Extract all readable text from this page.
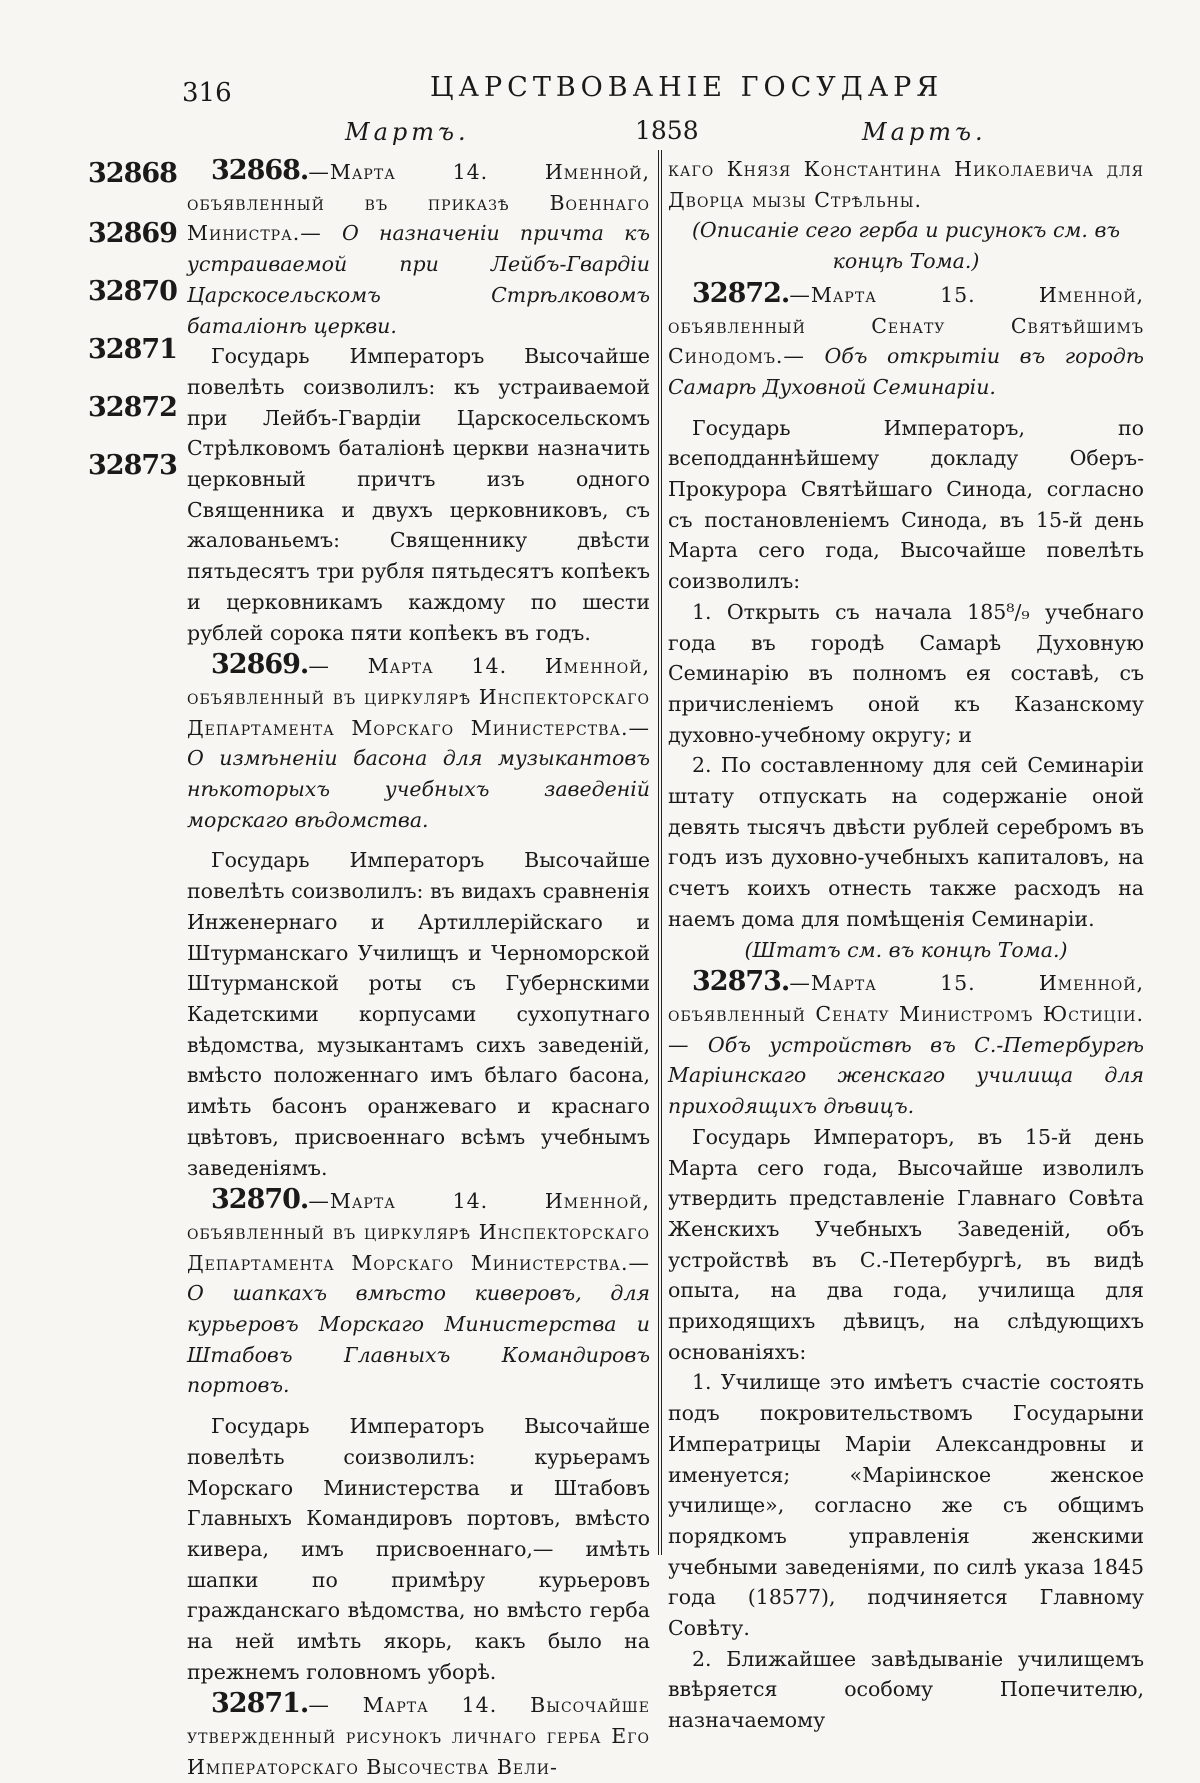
316	ЦАРСТВОВАНІЕ ГОСУДАРЯ
Мартъ.	1858	Мартъ.
32868
32869
32870
32871
32872
32873

32868.—Марта 14. Именной, объявленный въ приказѣ Военнаго Министра.— О назначеніи причта къ устраиваемой при Лейбъ-Гвардіи Царскосельскомъ Стрѣлковомъ баталіонѣ церкви.

Государь Императоръ Высочайше повелѣть соизволилъ: къ устраиваемой при Лейбъ-Гвардіи Царскосельскомъ Стрѣлковомъ баталіонѣ церкви назначить церковный причтъ изъ одного Священника и двухъ церковниковъ, съ жалованьемъ: Священнику двѣсти пятьдесятъ три рубля пятьдесятъ копѣекъ и церковникамъ каждому по шести рублей сорока пяти копѣекъ въ годъ.

32869.— Марта 14. Именной, объявленный въ циркулярѣ Инспекторскаго Департамента Морскаго Министерства.— О измѣненіи басона для музыкантовъ нѣкоторыхъ учебныхъ заведеній морскаго вѣдомства.

Государь Императоръ Высочайше повелѣть соизволилъ: въ видахъ сравненія Инженернаго и Артиллерійскаго и Штурманскаго Училищъ и Черноморской Штурманской роты съ Губернскими Кадетскими корпусами сухопутнаго вѣдомства, музыкантамъ сихъ заведеній, вмѣсто положеннаго имъ бѣлаго басона, имѣть басонъ оранжеваго и краснаго цвѣтовъ, присвоеннаго всѣмъ учебнымъ заведеніямъ.

32870.—Марта 14. Именной, объявленный въ циркулярѣ Инспекторскаго Департамента Морскаго Министерства.— О шапкахъ вмѣсто киверовъ, для курьеровъ Морскаго Министерства и Штабовъ Главныхъ Командировъ портовъ.

Государь Императоръ Высочайше повелѣть соизволилъ: курьерамъ Морскаго Министерства и Штабовъ Главныхъ Командировъ портовъ, вмѣсто кивера, имъ присвоеннаго,— имѣть шапки по примѣру курьеровъ гражданскаго вѣдомства, но вмѣсто герба на ней имѣть якорь, какъ было на прежнемъ головномъ уборѣ.

32871.— Марта 14. Высочайше утвержденный рисунокъ личнаго герба Его Императорскаго Высочества Вели-

каго Князя Константина Николаевича для Дворца мызы Стрѣльны.

(Описаніе сего герба и рисунокъ см. въ концѣ Тома.)

32872.—Марта 15. Именной, объявленный Сенату Святѣйшимъ Синодомъ.— Объ открытіи въ городѣ Самарѣ Духовной Семинаріи.

Государь Императоръ, по всеподданнѣйшему докладу Оберъ-Прокурора Святѣйшаго Синода, согласно съ постановленіемъ Синода, въ 15-й день Марта сего года, Высочайше повелѣть соизволилъ:

1. Открыть съ начала 185⁸/₉ учебнаго года въ городѣ Самарѣ Духовную Семинарію въ полномъ ея составѣ, съ причисленіемъ оной къ Казанскому духовно-учебному округу; и

2. По составленному для сей Семинаріи штату отпускать на содержаніе оной девять тысячъ двѣсти рублей серебромъ въ годъ изъ духовно-учебныхъ капиталовъ, на счетъ коихъ отнесть также расходъ на наемъ дома для помѣщенія Семинаріи.

(Штатъ см. въ концѣ Тома.)

32873.—Марта 15. Именной, объявленный Сенату Министромъ Юстиціи.— Объ устройствѣ въ С.-Петербургѣ Маріинскаго женскаго училища для приходящихъ дѣвицъ.

Государь Императоръ, въ 15-й день Марта сего года, Высочайше изволилъ утвердить представленіе Главнаго Совѣта Женскихъ Учебныхъ Заведеній, объ устройствѣ въ С.-Петербургѣ, въ видѣ опыта, на два года, училища для приходящихъ дѣвицъ, на слѣдующихъ основаніяхъ:

1. Училище это имѣетъ счастіе состоять подъ покровительствомъ Государыни Императрицы Маріи Александровны и именуется; «Маріинское женское училище», согласно же съ общимъ порядкомъ управленія женскими учебными заведеніями, по силѣ указа 1845 года (18577), подчиняется Главному Совѣту.

2. Ближайшее завѣдываніе училищемъ ввѣряется особому Попечителю, назначаемому
